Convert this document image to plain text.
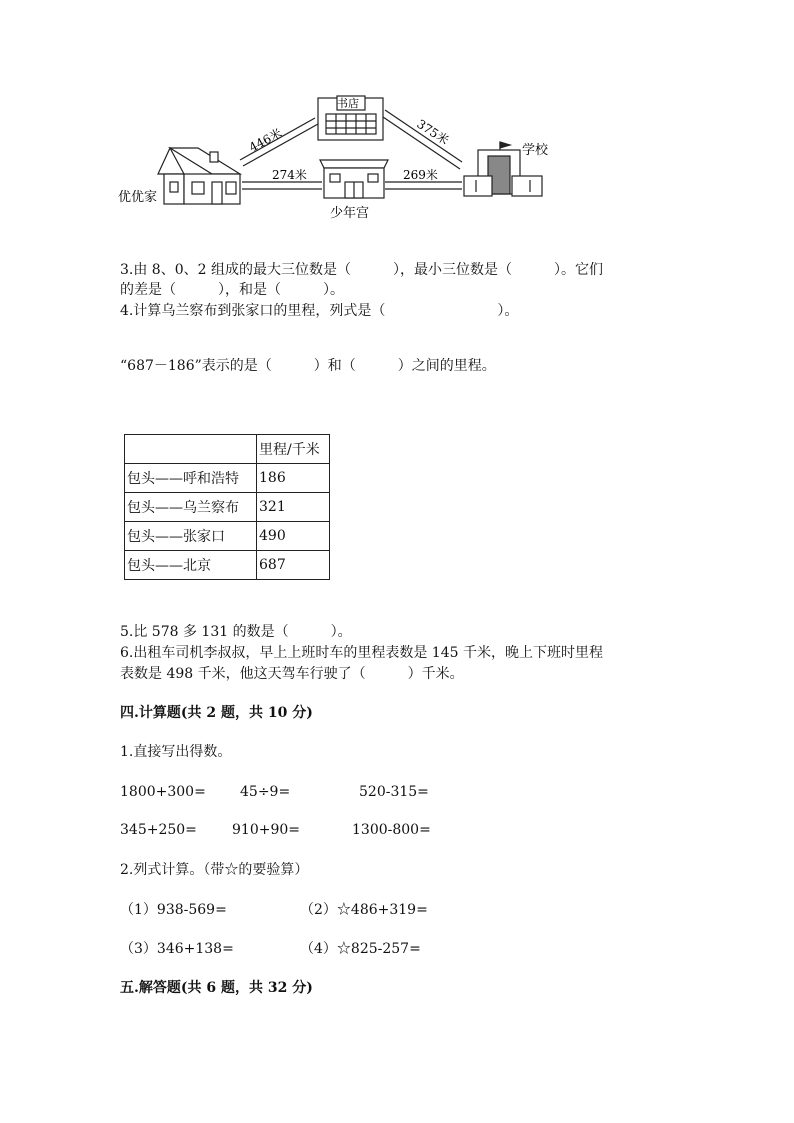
优优家
书店
学校
少年宫
446米	375米
274米	269米
3.由 8、0、2 组成的最大三位数是（　　　），最小三位数是（　　　）。它们
的差是（　　　），和是（　　　）。
4.计算乌兰察布到张家口的里程，列式是（　　　　　　　　）。
“687－186”表示的是（　　　）和（　　　）之间的里程。
	里程/千米
包头——呼和浩特	186
包头——乌兰察布	321
包头——张家口	490
包头——北京	687
5.比 578 多 131 的数是（　　　）。
6.出租车司机李叔叔，早上上班时车的里程表数是 145 千米，晚上下班时里程
表数是 498 千米，他这天驾车行驶了（　　　）千米。
四.计算题(共 2 题，共 10 分)
1.直接写出得数。
1800+300= 45÷9=	520-315=
345+250=	910+90=	1300-800=
2.列式计算。（带☆的要验算）
（1）938-569=	（2）☆486+319=
（3）346+138=	（4）☆825-257=
五.解答题(共 6 题，共 32 分)
